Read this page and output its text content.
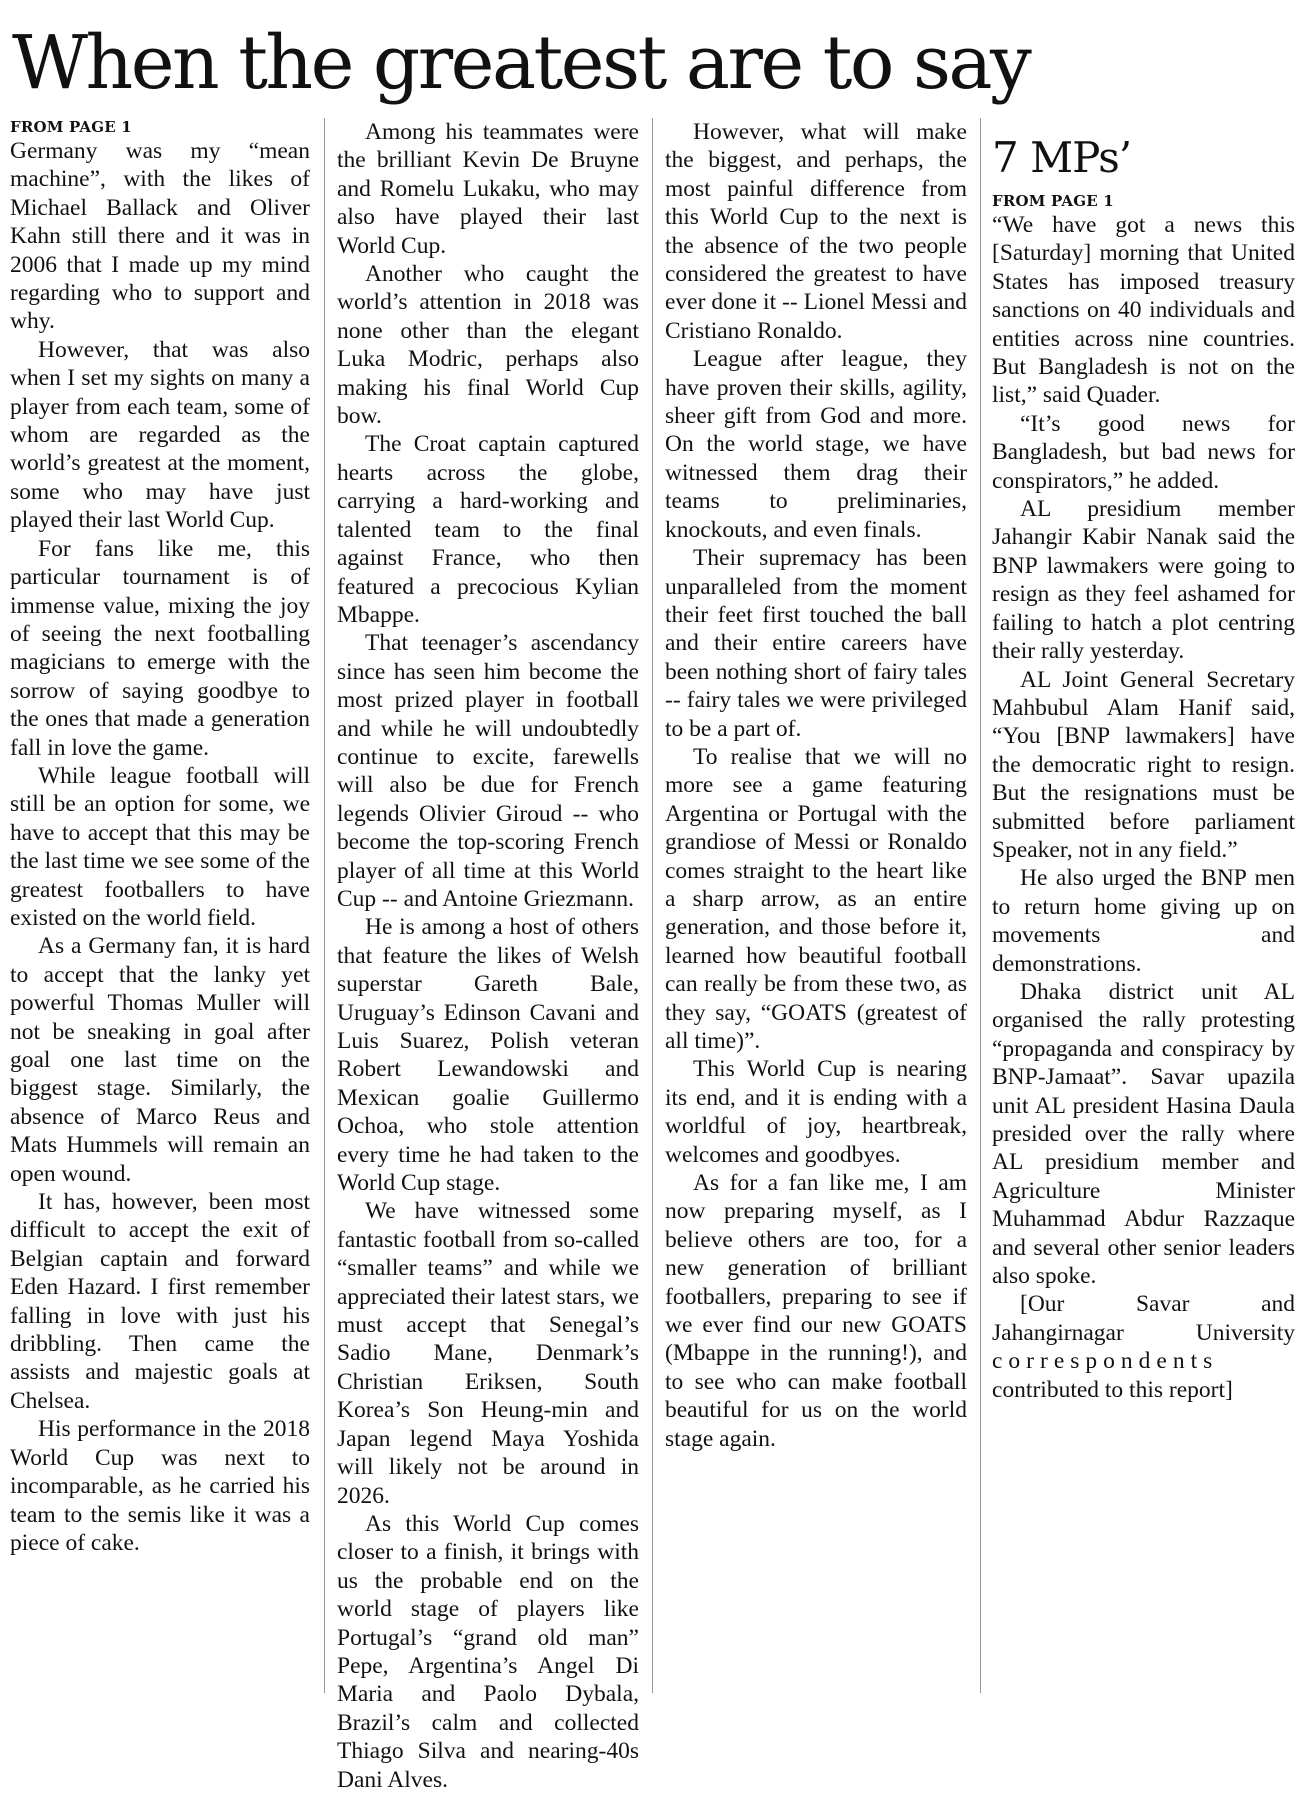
When the greatest are to say
FROM PAGE 1

Germany was my “mean machine”, with the likes of Michael Ballack and Oliver Kahn still there and it was in 2006 that I made up my mind regarding who to support and why.

However, that was also when I set my sights on many a player from each team, some of whom are regarded as the world’s greatest at the moment, some who may have just played their last World Cup.

For fans like me, this particular tournament is of immense value, mixing the joy of seeing the next footballing magicians to emerge with the sorrow of saying goodbye to the ones that made a generation fall in love the game.

While league football will still be an option for some, we have to accept that this may be the last time we see some of the greatest footballers to have existed on the world field.

As a Germany fan, it is hard to accept that the lanky yet powerful Thomas Muller will not be sneaking in goal after goal one last time on the biggest stage. Similarly, the absence of Marco Reus and Mats Hummels will remain an open wound.

It has, however, been most difficult to accept the exit of Belgian captain and forward Eden Hazard. I first remember falling in love with just his dribbling. Then came the assists and majestic goals at Chelsea.

His performance in the 2018 World Cup was next to incomparable, as he carried his team to the semis like it was a piece of cake.

Among his teammates were the brilliant Kevin De Bruyne and Romelu Lukaku, who may also have played their last World Cup.

Another who caught the world’s attention in 2018 was none other than the elegant Luka Modric, perhaps also making his final World Cup bow.

The Croat captain captured hearts across the globe, carrying a hard-working and talented team to the final against France, who then featured a precocious Kylian Mbappe.

That teenager’s ascendancy since has seen him become the most prized player in football and while he will undoubtedly continue to excite, farewells will also be due for French legends Olivier Giroud -- who become the top-scoring French player of all time at this World Cup -- and Antoine Griezmann.

He is among a host of others that feature the likes of Welsh superstar Gareth Bale, Uruguay’s Edinson Cavani and Luis Suarez, Polish veteran Robert Lewandowski and Mexican goalie Guillermo Ochoa, who stole attention every time he had taken to the World Cup stage.

We have witnessed some fantastic football from so-called “smaller teams” and while we appreciated their latest stars, we must accept that Senegal’s Sadio Mane, Denmark’s Christian Eriksen, South Korea’s Son Heung-min and Japan legend Maya Yoshida will likely not be around in 2026.

As this World Cup comes closer to a finish, it brings with us the probable end on the world stage of players like Portugal’s “grand old man” Pepe, Argentina’s Angel Di Maria and Paolo Dybala, Brazil’s calm and collected Thiago Silva and nearing-40s Dani Alves.

However, what will make the biggest, and perhaps, the most painful difference from this World Cup to the next is the absence of the two people considered the greatest to have ever done it -- Lionel Messi and Cristiano Ronaldo.

League after league, they have proven their skills, agility, sheer gift from God and more. On the world stage, we have witnessed them drag their teams to preliminaries, knockouts, and even finals.

Their supremacy has been unparalleled from the moment their feet first touched the ball and their entire careers have been nothing short of fairy tales -- fairy tales we were privileged to be a part of.

To realise that we will no more see a game featuring Argentina or Portugal with the grandiose of Messi or Ronaldo comes straight to the heart like a sharp arrow, as an entire generation, and those before it, learned how beautiful football can really be from these two, as they say, “GOATS (greatest of all time)”.

This World Cup is nearing its end, and it is ending with a worldful of joy, heartbreak, welcomes and goodbyes.

As for a fan like me, I am now preparing myself, as I believe others are too, for a new generation of brilliant footballers, preparing to see if we ever find our new GOATS (Mbappe in the running!), and to see who can make football beautiful for us on the world stage again.

7 MPs’
FROM PAGE 1

“We have got a news this [Saturday] morning that United States has imposed treasury sanctions on 40 individuals and entities across nine countries. But Bangladesh is not on the list,” said Quader.

“It’s good news for Bangladesh, but bad news for conspirators,” he added.

AL presidium member Jahangir Kabir Nanak said the BNP lawmakers were going to resign as they feel ashamed for failing to hatch a plot centring their rally yesterday.

AL Joint General Secretary Mahbubul Alam Hanif said, “You [BNP lawmakers] have the democratic right to resign. But the resignations must be submitted before parliament Speaker, not in any field.”

He also urged the BNP men to return home giving up on movements and demonstrations.

Dhaka district unit AL organised the rally protesting “propaganda and conspiracy by BNP-Jamaat”. Savar upazila unit AL president Hasina Daula presided over the rally where AL presidium member and Agriculture Minister Muhammad Abdur Razzaque and several other senior leaders also spoke.

[Our Savar and Jahangirnagar University correspondents contributed to this report]
